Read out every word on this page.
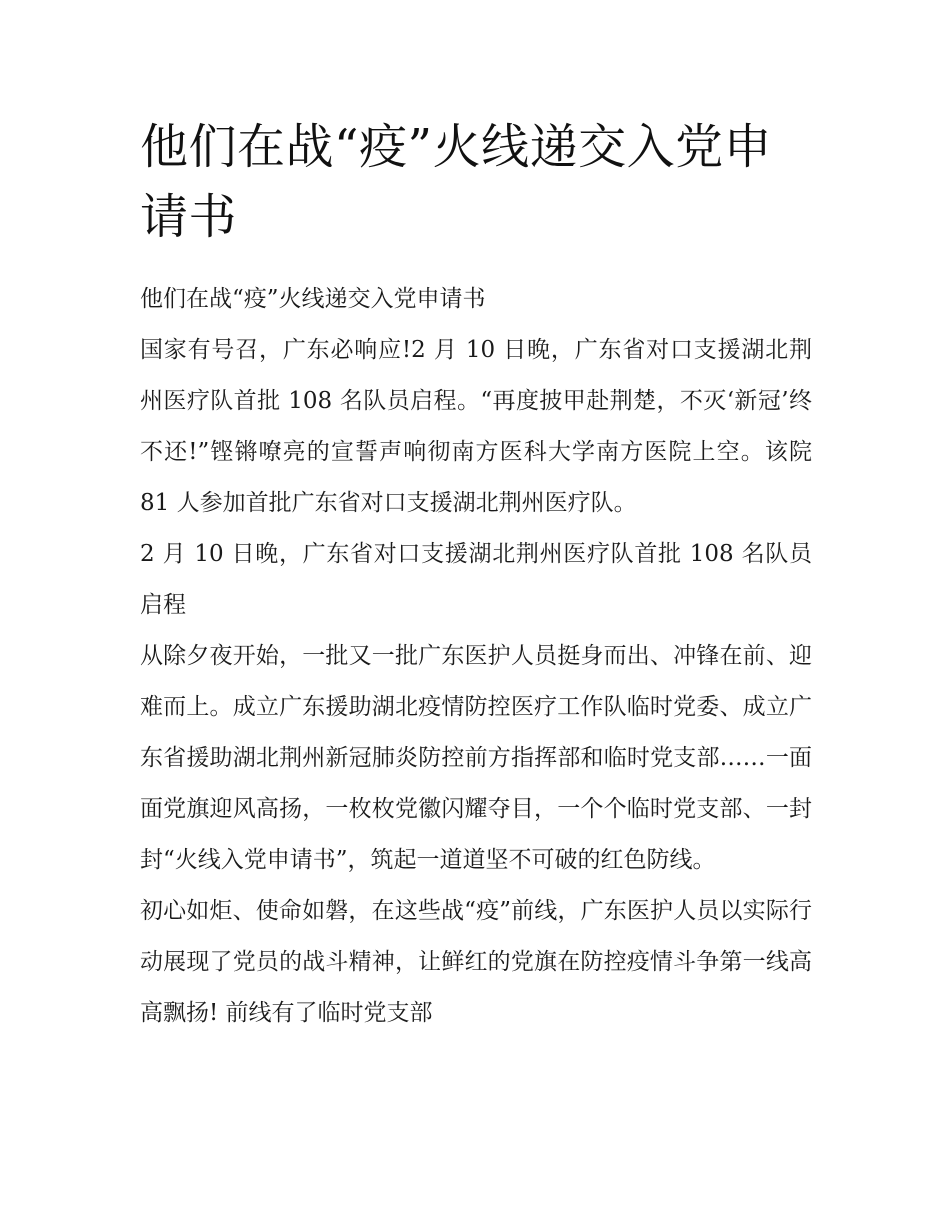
他们在战“疫”火线递交入党申请书

他们在战“疫”火线递交入党申请书

国家有号召，广东必响应!2 月 10 日晚，广东省对口支援湖北荆州医疗队首批 108 名队员启程。“再度披甲赴荆楚，不灭‘新冠’终不还!”铿锵嘹亮的宣誓声响彻南方医科大学南方医院上空。该院 81 人参加首批广东省对口支援湖北荆州医疗队。

2 月 10 日晚，广东省对口支援湖北荆州医疗队首批 108 名队员启程

从除夕夜开始，一批又一批广东医护人员挺身而出、冲锋在前、迎难而上。成立广东援助湖北疫情防控医疗工作队临时党委、成立广东省援助湖北荆州新冠肺炎防控前方指挥部和临时党支部……一面面党旗迎风高扬，一枚枚党徽闪耀夺目，一个个临时党支部、一封封“火线入党申请书”，筑起一道道坚不可破的红色防线。

初心如炬、使命如磐，在这些战“疫”前线，广东医护人员以实际行动展现了党员的战斗精神，让鲜红的党旗在防控疫情斗争第一线高高飘扬! 前线有了临时党支部
